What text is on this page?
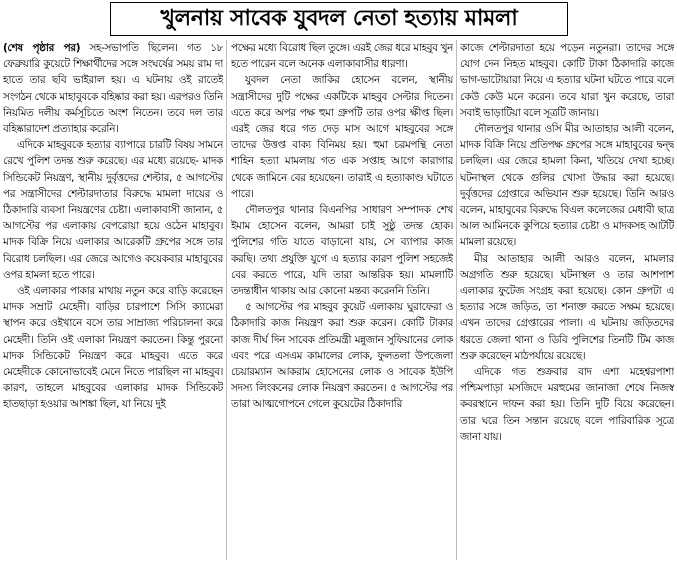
খুলনায় সাবেক যুবদল নেতা হত্যায় মামলা

(শেষ পৃষ্ঠার পর) সহ-সভাপতি ছিলেন। গত ১৮ ফেব্রুয়ারি কুয়েটে শিক্ষার্থীদের সঙ্গে সংঘর্ষের সময় রাম দা হাতে তার ছবি ভাইরাল হয়। এ ঘটনায় ওই রাতেই সংগঠন থেকে মাহাবুবকে বহিষ্কার করা হয়। এরপরও তিনি নিয়মিত দলীয় কর্মসূচিতে অংশ নিতেন। তবে দল তার বহিষ্কারাদেশ প্রত্যাহার করেনি।

এদিকে মাহবুবকে হত্যার ব্যাপারে চারটি বিষয় সামনে রেখে পুলিশ তদন্ত শুরু করেছে। এর মধ্যে রয়েছে- মাদক সিন্ডিকেট নিয়ন্ত্রণ, স্থানীয় দুর্বৃত্তদের শেল্টার, ৫ আগস্টের পর সন্ত্রাসীদের শেল্টারদাতার বিরুদ্ধে মামলা দায়ের ও ঠিকাদারি ব্যবসা নিয়ন্ত্রণের চেষ্টা। এলাকাবাসী জানান, ৫ আগস্টের পর এলাকায় বেপরোয়া হয়ে ওঠেন মাহাবুব। মাদক বিক্রি নিয়ে এলাকার আরেকটি গ্রুপের সঙ্গে তার বিরোধ চলছিল। এর জেরে আগেও কয়েকবার মাহাবুবের ওপর হামলা হতে পারে।

ওই এলাকার পাকার মাথায় নতুন করে বাড়ি করেছেন মাদক সম্রাট মেহেদী। বাড়ির চারপাশে সিসি ক্যামেরা স্থাপন করে ওইখানে বসে তার সাম্রাজ্য পরিচালনা করে মেহেদী। তিনি ওই এলাকা নিয়ন্ত্রণ করতেন। কিন্তু পুরনো মাদক সিন্ডিকেট নিয়ন্ত্রণ করে মাহবুব। এতে করে মেহেদীকে কোনোভাবেই মেনে নিতে পারছিল না মাহবুব। কারণ, তাহলে মাহবুবের এলাকার মাদক সিন্ডিকেট হাতছাড়া হওয়ার আশঙ্কা ছিল, যা নিয়ে দুই

পক্ষের মধ্যে বিরোধ ছিল তুঙ্গে। এরই জের ধরে মাহবুব খুন হতে পারেন বলে অনেক এলাকাবাসীর ধারণা।

যুবদল নেতা জাকির হোসেন বলেন, স্থানীয় সন্ত্রাসীদের দুটি পক্ষের একটিকে মাহবুব সেল্টার দিতেন। এতে করে অপর পক্ষ হুমা গ্রুপটি তার ওপর ক্ষীপ্ত ছিল। এরই জের ধরে গত দেড় মাস আগে মাহবুবের সঙ্গে তাদের উত্তপ্ত বাক্য বিনিময় হয়। হুমা চরমপন্থি নেতা শাহিন হত্যা মামলায় গত এক সপ্তাহ আগে কারাগার থেকে জামিনে বের হয়েছেন। তারাই এ হত্যাকাণ্ড ঘটাতে পারে।

দৌলতপুর থানার বিএনপির সাধারণ সম্পাদক শেখ ইমাম হোসেন বলেন, আমরা চাই সুষ্ঠু তদন্ত হোক। পুলিশের গতি যাতে বাড়ানো যায়, সে ব্যাপার কাজ করছি। তথ্য প্রযুক্তি যুগে এ হত্যার কারণ পুলিশ সহজেই বের করতে পারে, যদি তারা আন্তরিক হয়। মামলাটি তদন্তাধীন থাকায় আর কোনো মন্তব্য করেননি তিনি।

৫ আগস্টের পর মাহবুব কুয়েট এলাকায় ঘুরাফেরা ও ঠিকাদারি কাজ নিয়ন্ত্রণ করা শুরু করেন। কোটি টাকার কাজ দীর্ঘ দিন সাবেক প্রতিমন্ত্রী মন্নুজান সুফিয়ানের লোক এবং পরে এসএম কামালের লোক, ফুলতলা উপজেলা চেয়ারম্যান আকরাম হোসেনের লোক ও সাবেক ইউপি সদস্য লিংকনের লোক নিয়ন্ত্রণ করতেন। ৫ আগস্টের পর তারা আত্মগোপনে গেলে কুয়েটের ঠিকাদারি

কাজে শেল্টারদাতা হয়ে পড়েন নতুনরা। তাদের সঙ্গে যোগ দেন নিহত মাহবুব। কোটি টাকা ঠিকাদারি কাজে ভাগ-ভাটোয়ারা নিয়ে এ হত্যার ঘটনা ঘটতে পারে বলে কেউ কেউ মনে করেন। তবে যারা খুন করেছে, তারা সবাই ভাড়াটিয়া বলে সূত্রটি জানায়।

দৌলতপুর থানার ওসি মীর আতাহার আলী বলেন, মাদক বিক্রি নিয়ে প্রতিপক্ষ গ্রুপের সঙ্গে মাহাবুবের দ্বন্দ্ব চলছিল। এর জেরে হামলা কিনা, খতিয়ে দেখা হচ্ছে। ঘটনাস্থল থেকে গুলির খোসা উদ্ধার করা হয়েছে। দুর্বৃত্তদের গ্রেপ্তারে অভিযান শুরু হয়েছে। তিনি আরও বলেন, মাহাবুবের বিরুদ্ধে বিএল কলেজের মেধাবী ছাত্র আল আমিনকে কুপিয়ে হত্যার চেষ্টা ও মাদকসহ আটটি মামলা রয়েছে।

মীর আতাহার আলী আরও বলেন, মামলার অগ্রগতি শুরু হয়েছে। ঘটনাস্থল ও তার আশপাশ এলাকার ফুটেজ সংগ্রহ করা হয়েছে। কোন গ্রুপটা এ হত্যার সঙ্গে জড়িত, তা শনাক্ত করতে সক্ষম হয়েছে। এখন তাদের গ্রেপ্তারের পালা। এ ঘটনায় জড়িতদের ধরতে জেলা থানা ও ডিবি পুলিশের তিনটি টিম কাজ শুরু করেছেন মাঠপর্যায়ে রয়েছে।

এদিকে গত শুক্রবার বাদ এশা মহেশ্বরপাশা পশ্চিমপাড়া মসজিদে মরহুমের জানাজা শেষে নিজস্ব কবরস্থানে দাফন করা হয়। তিনি দুটি বিয়ে করেছেন। তার ঘরে তিন সন্তান রয়েছে বলে পারিবারিক সূত্রে জানা যায়।
